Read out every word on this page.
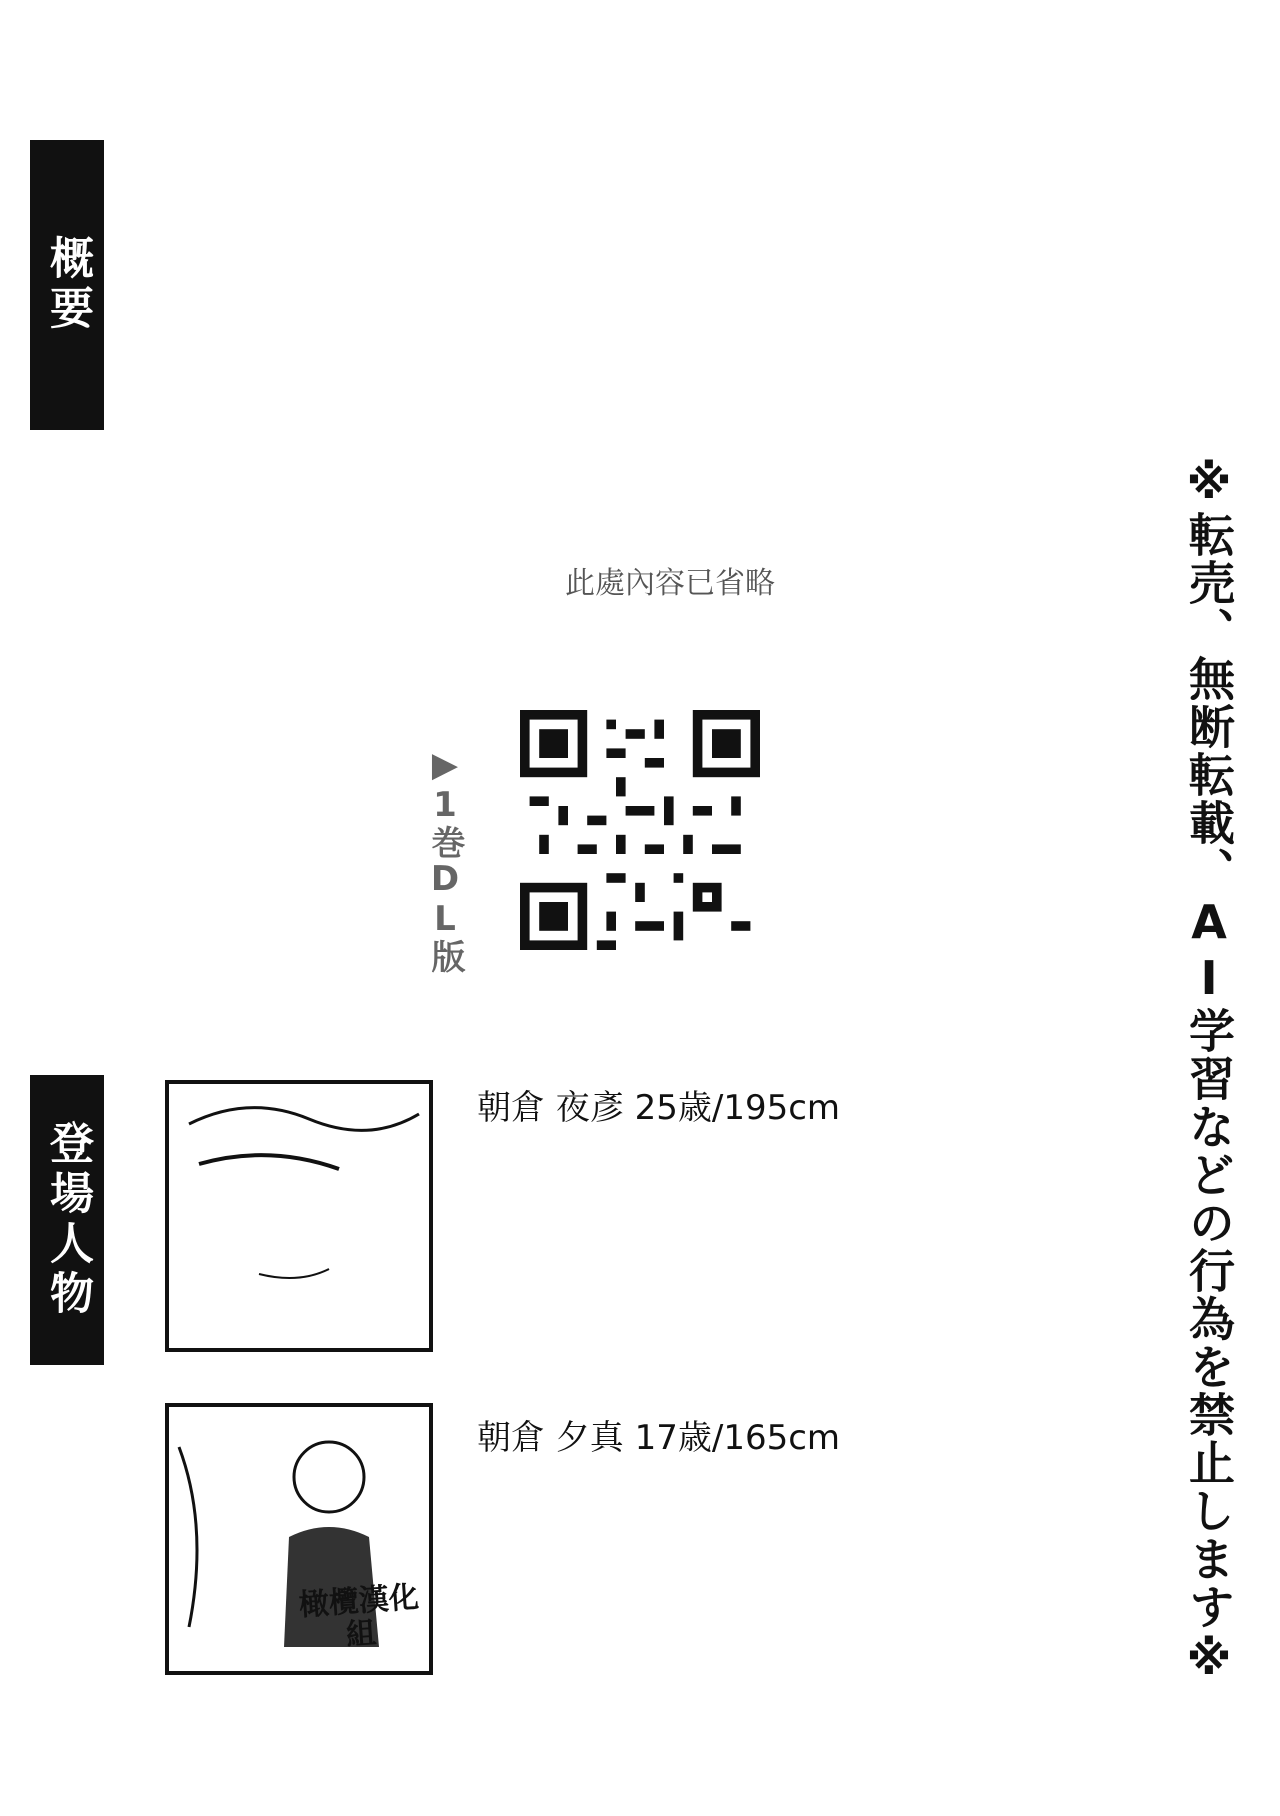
概要
此處內容已省略
▶1巻DL版	※転売、無断転載、AI学習などの行為を禁止します※
登場人物
朝倉 夜彥 25歳/195cm
朝倉 夕真 17歳/165cm
橄欖漢化組
